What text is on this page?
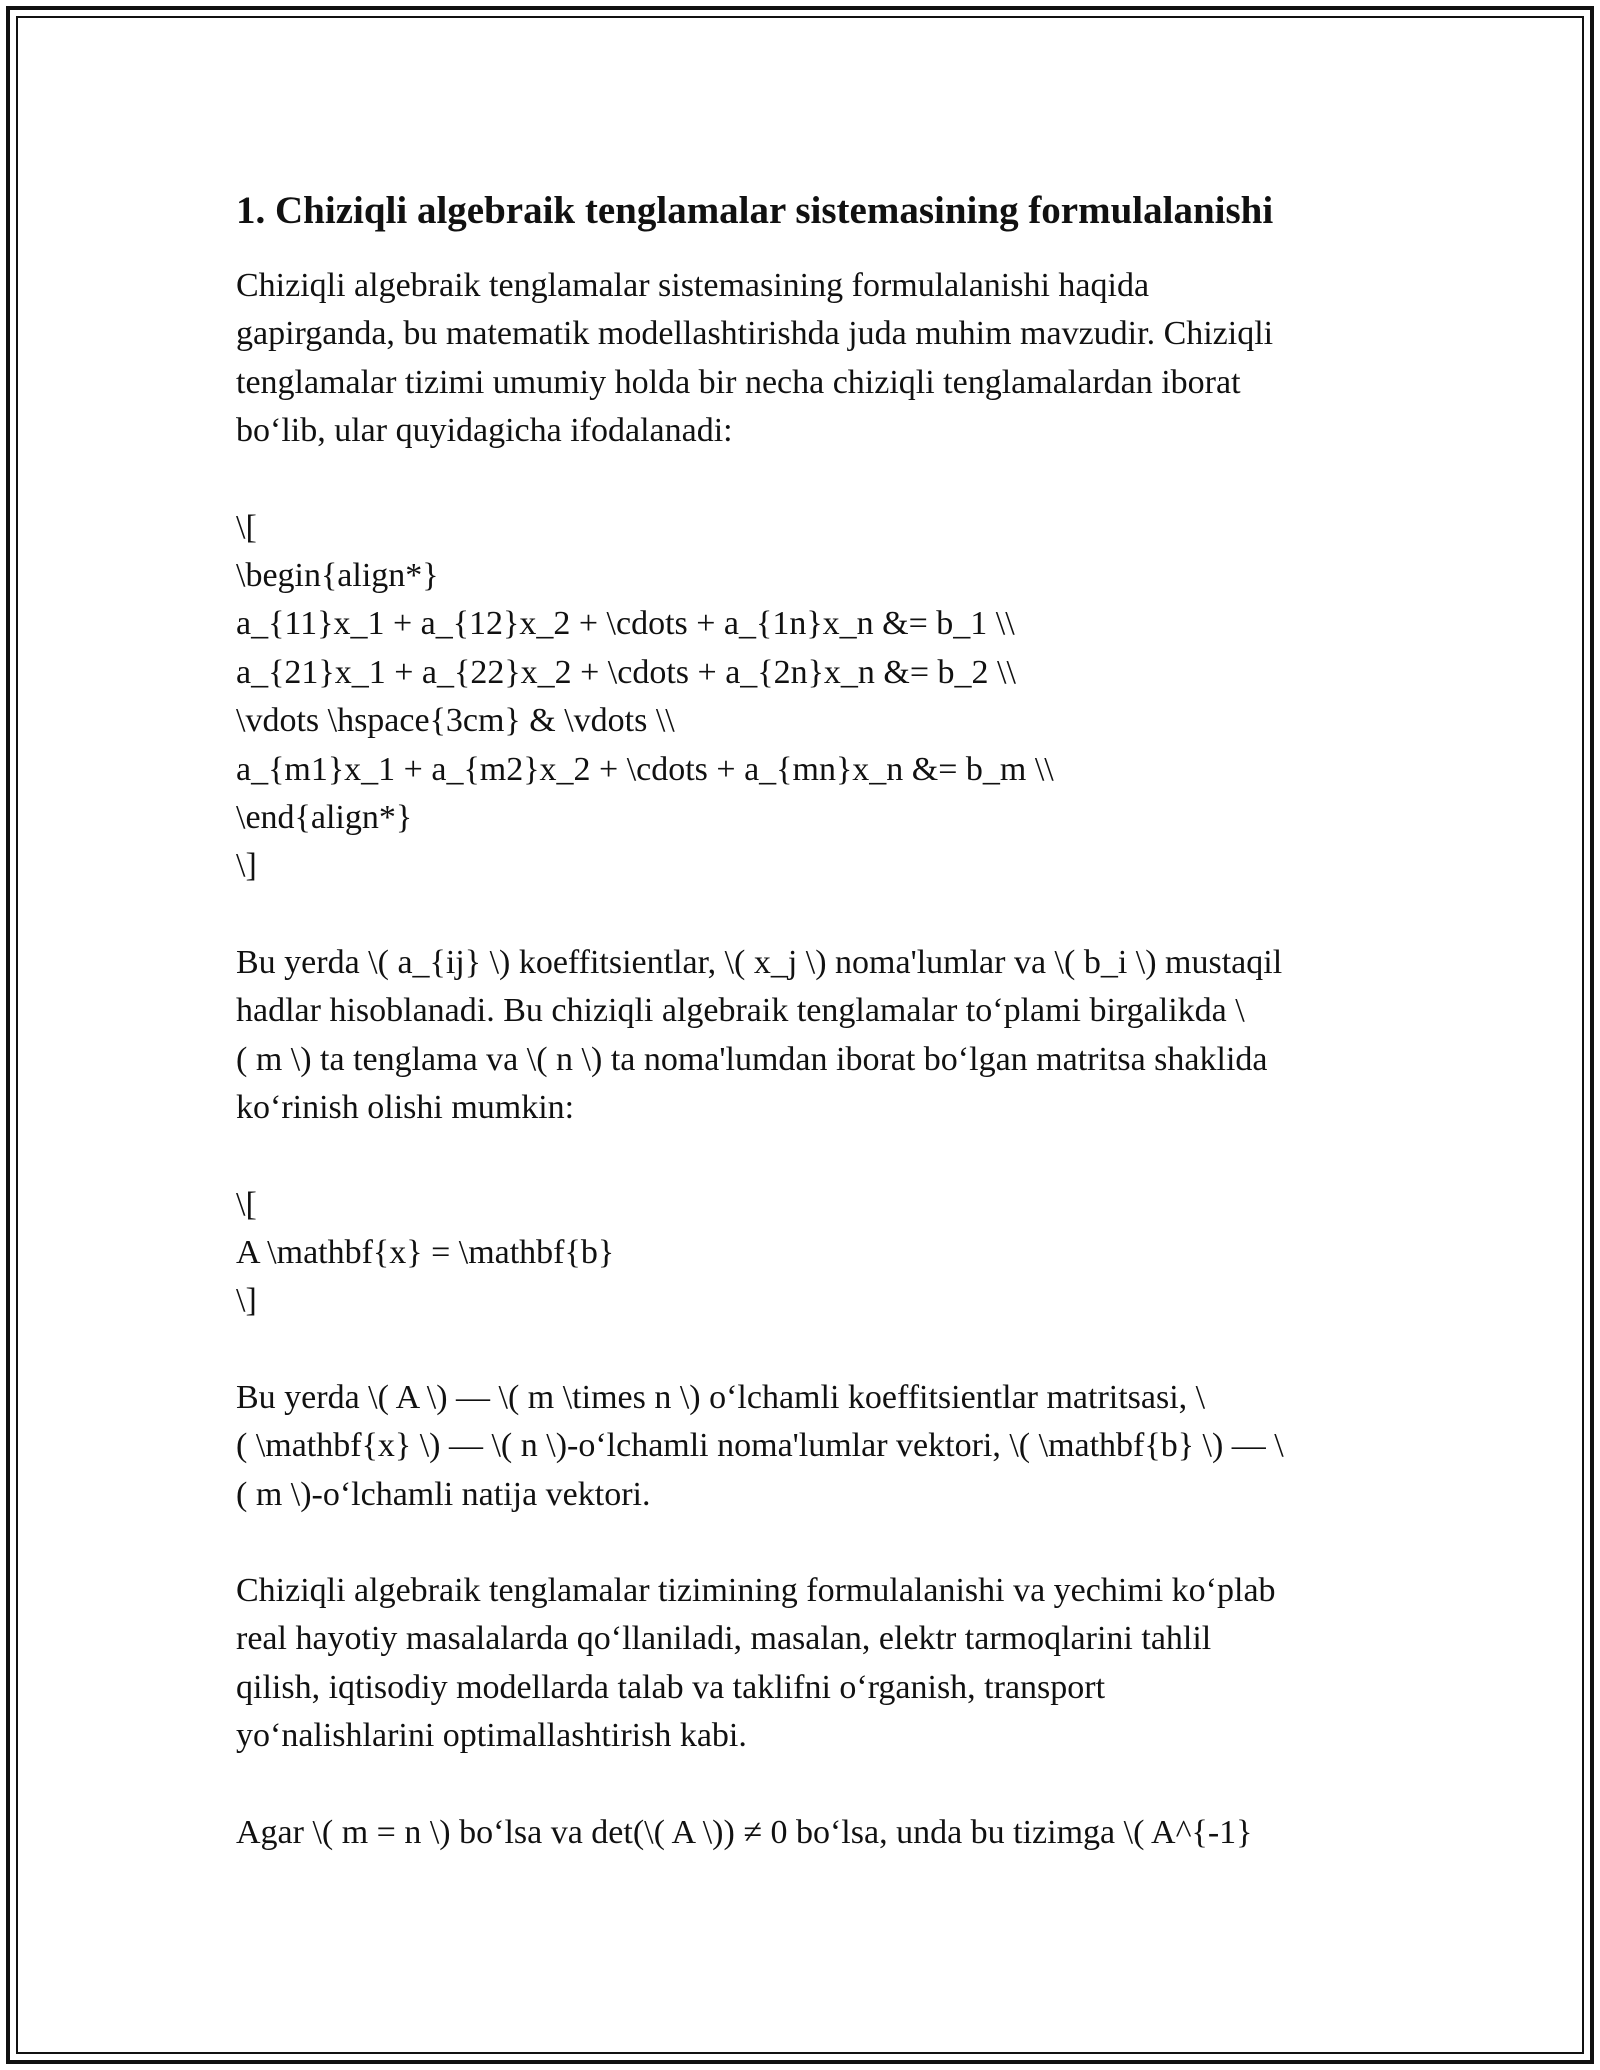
1. Chiziqli algebraik tenglamalar sistemasining formulalanishi
Chiziqli algebraik tenglamalar sistemasining formulalanishi haqida
gapirganda, bu matematik modellashtirishda juda muhim mavzudir. Chiziqli
tenglamalar tizimi umumiy holda bir necha chiziqli tenglamalardan iborat
bo‘lib, ular quyidagicha ifodalanadi:
\[
\begin{align*}
a_{11}x_1 + a_{12}x_2 + \cdots + a_{1n}x_n &= b_1 \\
a_{21}x_1 + a_{22}x_2 + \cdots + a_{2n}x_n &= b_2 \\
\vdots \hspace{3cm} & \vdots \\
a_{m1}x_1 + a_{m2}x_2 + \cdots + a_{mn}x_n &= b_m \\
\end{align*}
\]
Bu yerda \( a_{ij} \) koeffitsientlar, \( x_j \) noma'lumlar va \( b_i \) mustaqil
hadlar hisoblanadi. Bu chiziqli algebraik tenglamalar to‘plami birgalikda \
( m \) ta tenglama va \( n \) ta noma'lumdan iborat bo‘lgan matritsa shaklida
ko‘rinish olishi mumkin:
\[
A \mathbf{x} = \mathbf{b}
\]
Bu yerda \( A \) — \( m \times n \) o‘lchamli koeffitsientlar matritsasi, \
( \mathbf{x} \) — \( n \)-o‘lchamli noma'lumlar vektori, \( \mathbf{b} \) — \
( m \)-o‘lchamli natija vektori.
Chiziqli algebraik tenglamalar tizimining formulalanishi va yechimi ko‘plab
real hayotiy masalalarda qo‘llaniladi, masalan, elektr tarmoqlarini tahlil
qilish, iqtisodiy modellarda talab va taklifni o‘rganish, transport
yo‘nalishlarini optimallashtirish kabi.
Agar \( m = n \) bo‘lsa va det(\( A \)) ≠ 0 bo‘lsa, unda bu tizimga \( A^{-1}
